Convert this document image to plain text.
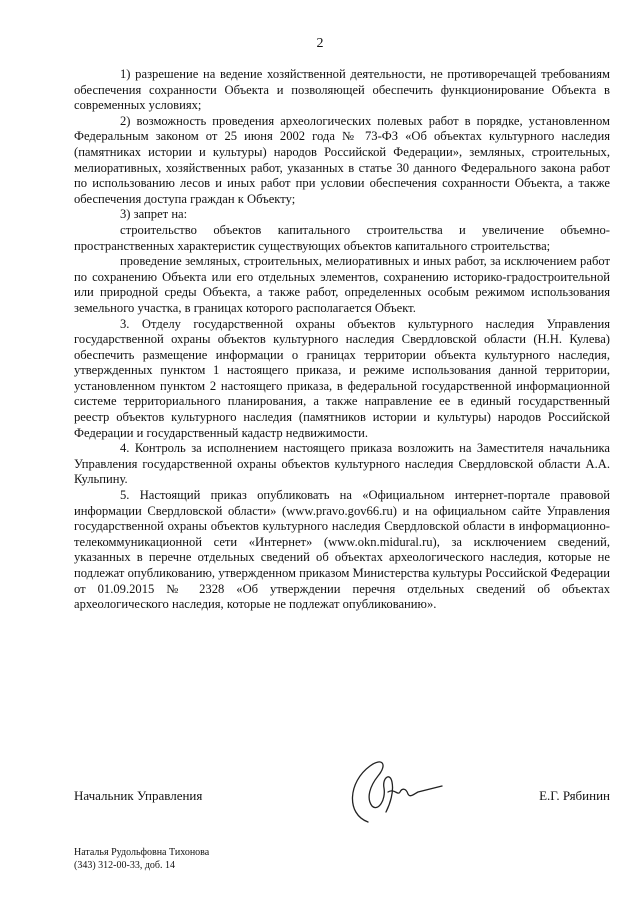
2

1) разрешение на ведение хозяйственной деятельности, не противоречащей требованиям обеспечения сохранности Объекта и позволяющей обеспечить функционирование Объекта в современных условиях;

2) возможность проведения археологических полевых работ в порядке, установленном Федеральным законом от 25 июня 2002 года № 73-ФЗ «Об объектах культурного наследия (памятниках истории и культуры) народов Российской Федерации», земляных, строительных, мелиоративных, хозяйственных работ, указанных в статье 30 данного Федерального закона работ по использованию лесов и иных работ при условии обеспечения сохранности Объекта, а также обеспечения доступа граждан к Объекту;

3) запрет на:

строительство объектов капитального строительства и увеличение объемно-пространственных характеристик существующих объектов капитального строительства;

проведение земляных, строительных, мелиоративных и иных работ, за исключением работ по сохранению Объекта или его отдельных элементов, сохранению историко-градостроительной или природной среды Объекта, а также работ, определенных особым режимом использования земельного участка, в границах которого располагается Объект.

3. Отделу государственной охраны объектов культурного наследия Управления государственной охраны объектов культурного наследия Свердловской области (Н.Н. Кулева) обеспечить размещение информации о границах территории объекта культурного наследия, утвержденных пунктом 1 настоящего приказа, и режиме использования данной территории, установленном пунктом 2 настоящего приказа, в федеральной государственной информационной системе территориального планирования, а также направление ее в единый государственный реестр объектов культурного наследия (памятников истории и культуры) народов Российской Федерации и государственный кадастр недвижимости.

4. Контроль за исполнением настоящего приказа возложить на Заместителя начальника Управления государственной охраны объектов культурного наследия Свердловской области А.А. Кульпину.

5. Настоящий приказ опубликовать на «Официальном интернет-портале правовой информации Свердловской области» (www.pravo.gov66.ru) и на официальном сайте Управления государственной охраны объектов культурного наследия Свердловской области в информационно-телекоммуникационной сети «Интернет» (www.okn.midural.ru), за исключением сведений, указанных в перечне отдельных сведений об объектах археологического наследия, которые не подлежат опубликованию, утвержденном приказом Министерства культуры Российской Федерации от 01.09.2015 № 2328 «Об утверждении перечня отдельных сведений об объектах археологического наследия, которые не подлежат опубликованию».

Начальник Управления	Е.Г. Рябинин
Наталья Рудольфовна Тихонова
(343) 312-00-33, доб. 14
